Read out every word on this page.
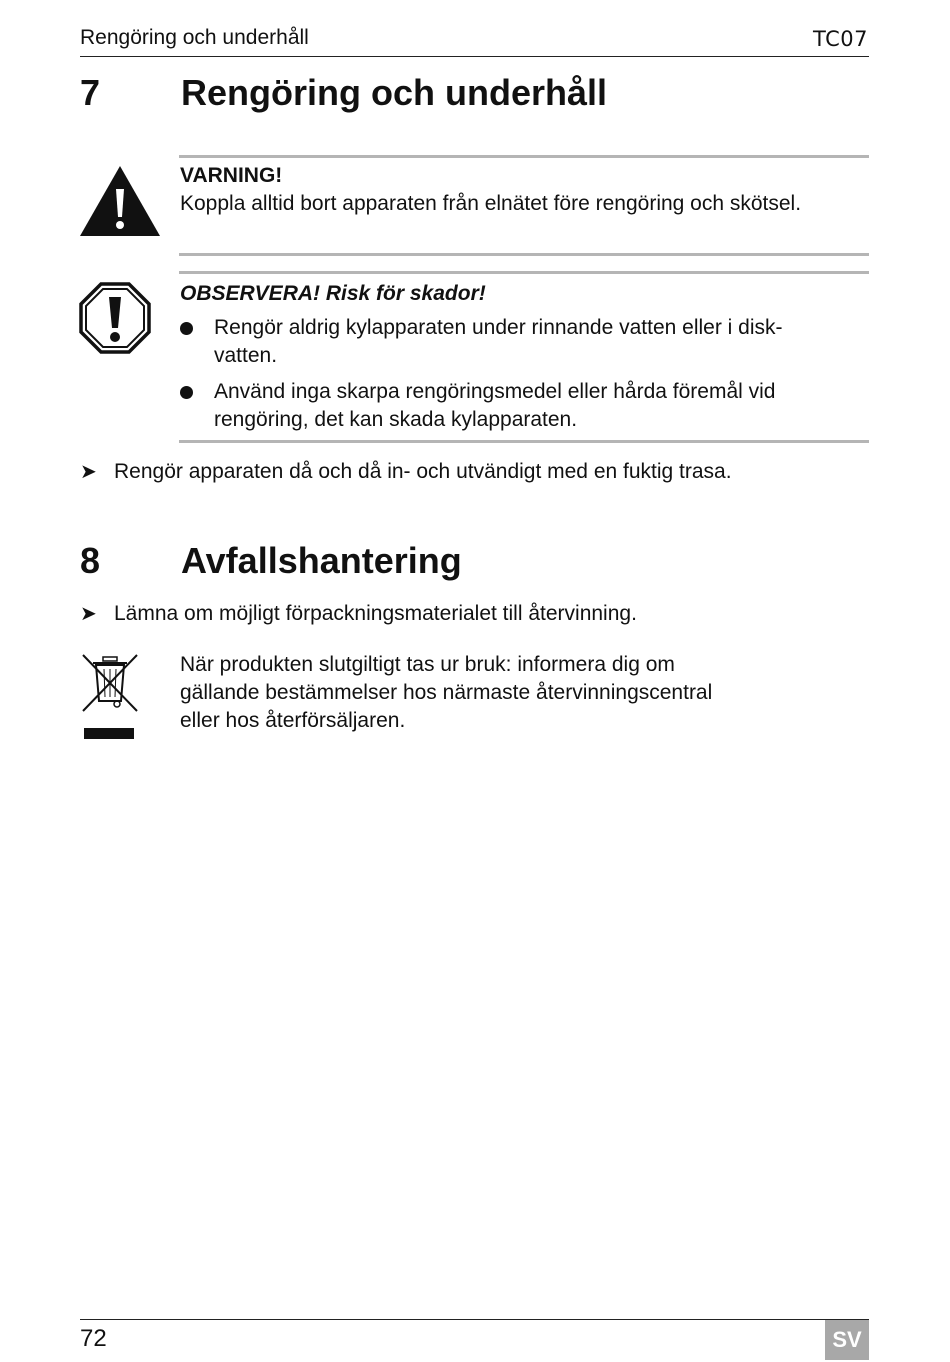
Rengöring och underhåll	TC07
7 Rengöring och underhåll
VARNING!
Koppla alltid bort apparaten från elnätet före rengöring och skötsel.
OBSERVERA! Risk för skador!
Rengör aldrig kylapparaten under rinnande vatten eller i disk-
vatten.
Använd inga skarpa rengöringsmedel eller hårda föremål vid
rengöring, det kan skada kylapparaten.
➤ Rengör apparaten då och då in- och utvändigt med en fuktig trasa.
8 Avfallshantering
➤ Lämna om möjligt förpackningsmaterialet till återvinning.
När produkten slutgiltigt tas ur bruk: informera dig om
gällande bestämmelser hos närmaste återvinningscentral
eller hos återförsäljaren.
72	SV
